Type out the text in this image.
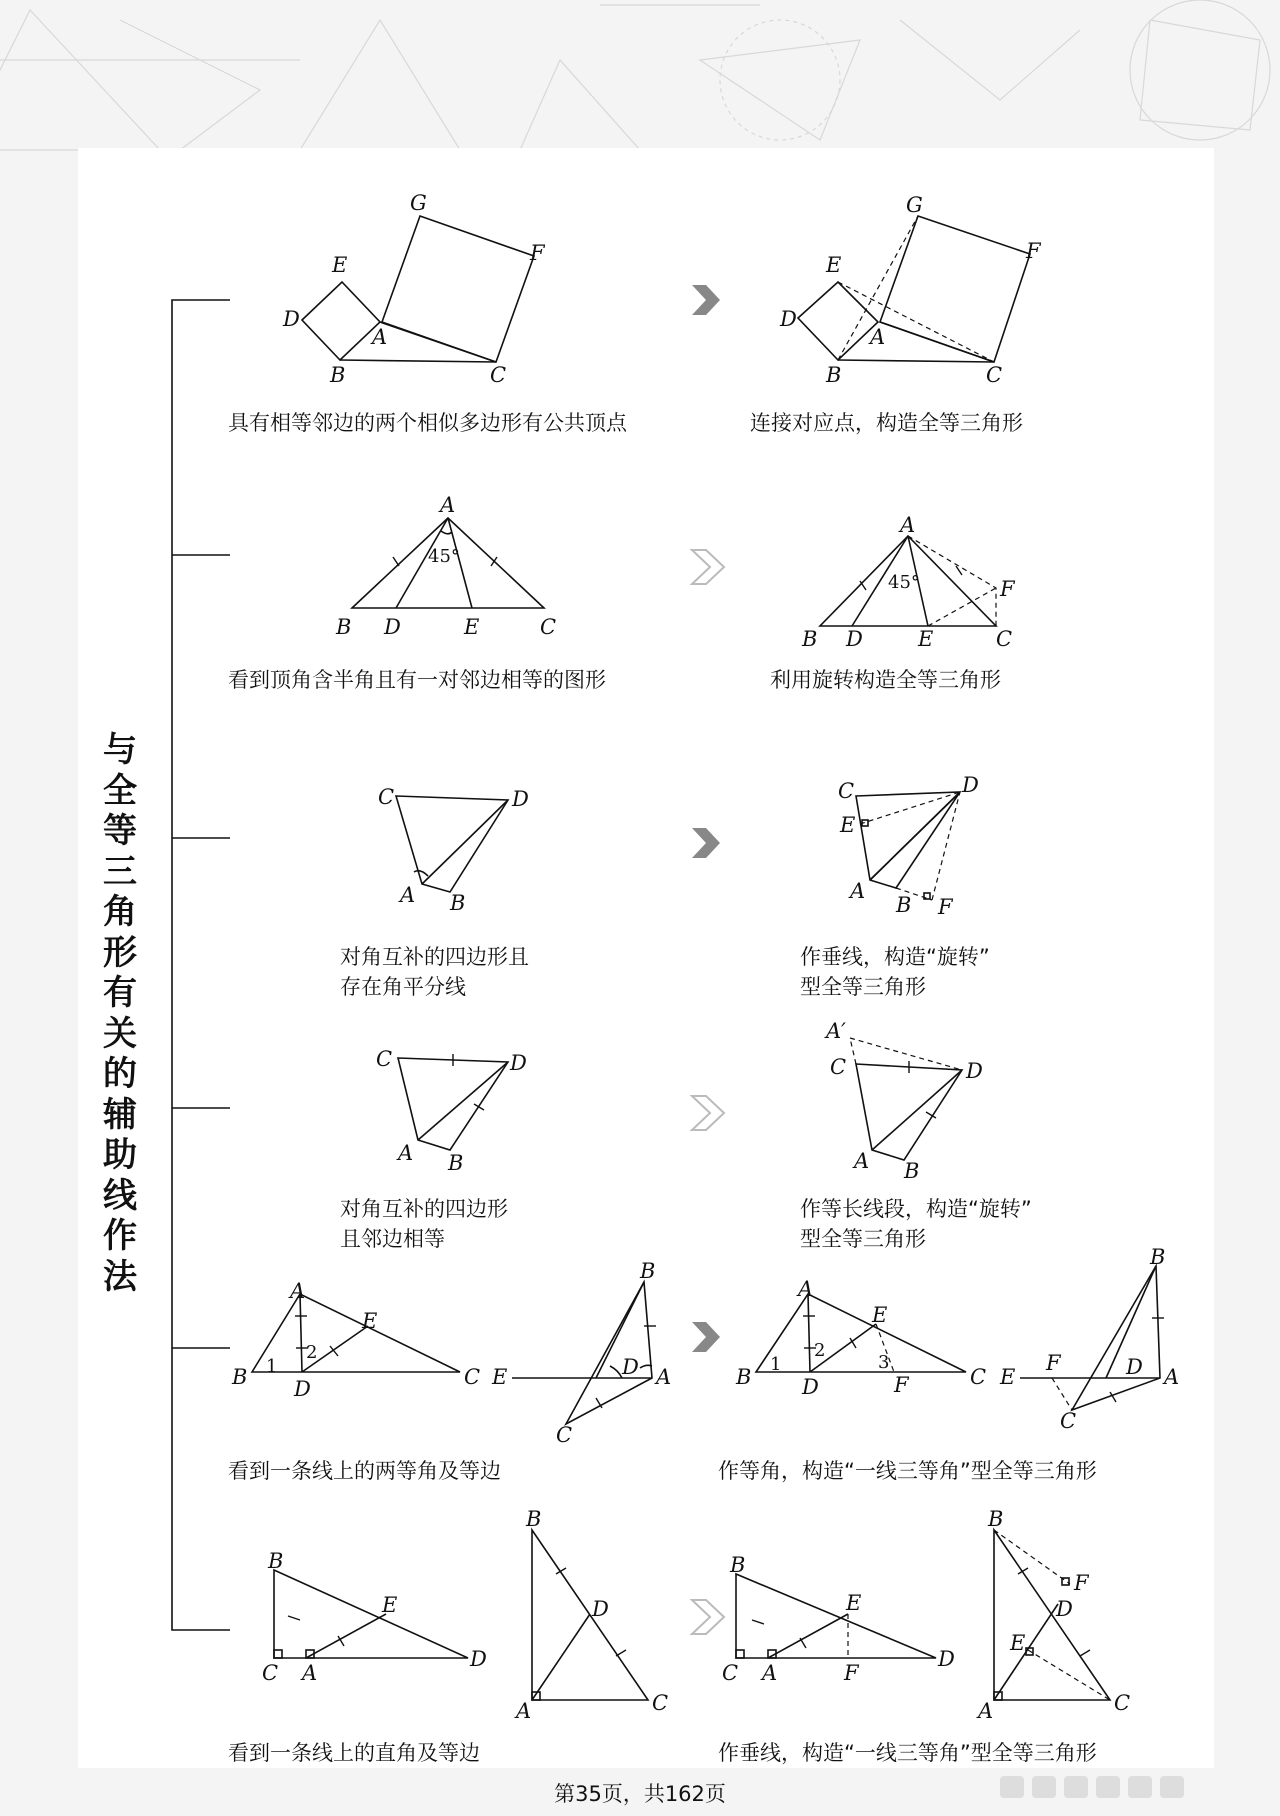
D
E
G
F
A
B	C
D
E
G
F
A
B	C
A
45°
B D	E	C
A
45°	F
B D	E	C
C	D
A B
C	D
E
A
B F
C	D
A B
A′
C	D
A B
A
E
B D	C
1
2
B
E	D A
C
A
E
B D	F	C
1
2
3
B
E
F	D A
C
B
E
C A
D
B
D
A	C
B
E
C A	F
D
B
F
D
E
A	C
与
全
等
三
角
形
有
关
的
辅
助
线
作
法
具有相等邻边的两个相似多边形有公共顶点	连接对应点，构造全等三角形
看到顶角含半角且有一对邻边相等的图形	利用旋转构造全等三角形
对角互补的四边形且
存在角平分线
作垂线，构造“旋转”
型全等三角形
对角互补的四边形
且邻边相等
作等长线段，构造“旋转”
型全等三角形
看到一条线上的两等角及等边	作等角，构造“一线三等角”型全等三角形
看到一条线上的直角及等边	作垂线，构造“一线三等角”型全等三角形
第35页，共162页
